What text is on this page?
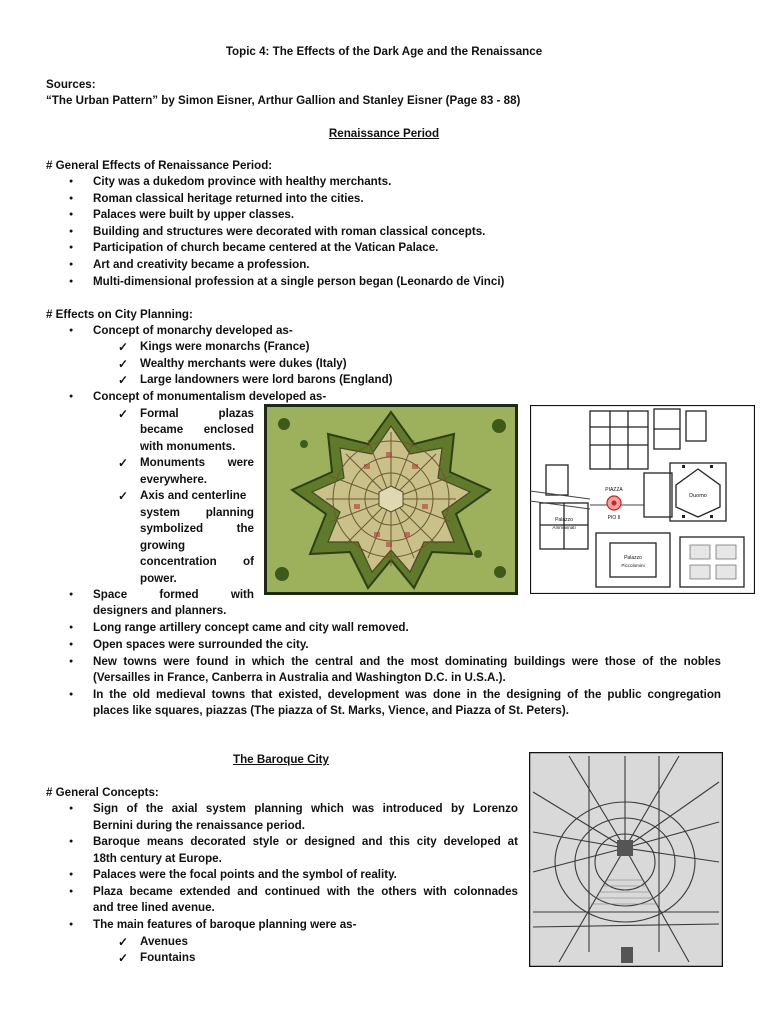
Topic 4: The Effects of the Dark Age and the Renaissance
Sources:
“The Urban Pattern” by Simon Eisner, Arthur Gallion and Stanley Eisner (Page 83 - 88)
Renaissance Period
# General Effects of Renaissance Period:
● City was a dukedom province with healthy merchants.
● Roman classical heritage returned into the cities.
● Palaces were built by upper classes.
● Building and structures were decorated with roman classical concepts.
● Participation of church became centered at the Vatican Palace.
● Art and creativity became a profession.
● Multi-dimensional profession at a single person began (Leonardo de Vinci)
# Effects on City Planning:
● Concept of monarchy developed as-
✓ Kings were monarchs (France)
✓ Wealthy merchants were dukes (Italy)
✓ Large landowners were lord barons (England)
● Concept of monumentalism developed as-
✓ Formal plazas
became enclosed
with monuments.
✓ Monuments were
everywhere.
✓ Axis and centerline
system planning
symbolized the
growing
concentration of
power.
● Space formed with
designers and planners.
● Long range artillery concept came and city wall removed.
● Open spaces were surrounded the city.
● New towns were found in which the central and the most dominating buildings were those of the nobles
(Versailles in France, Canberra in Australia and Washington D.C. in U.S.A.).
● In the old medieval towns that existed, development was done in the designing of the public congregation
places like squares, piazzas (The piazza of St. Marks, Vience, and Piazza of St. Peters).
PIAZZA
PIO II
Duomo
Palazzo
Ammannati
Palazzo
Piccolomini
The Baroque City
# General Concepts:
● Sign of the axial system planning which was introduced by Lorenzo
Bernini during the renaissance period.
● Baroque means decorated style or designed and this city developed at
18th century at Europe.
● Palaces were the focal points and the symbol of reality.
● Plaza became extended and continued with the others with colonnades
and tree lined avenue.
● The main features of baroque planning were as-
✓ Avenues
✓ Fountains
